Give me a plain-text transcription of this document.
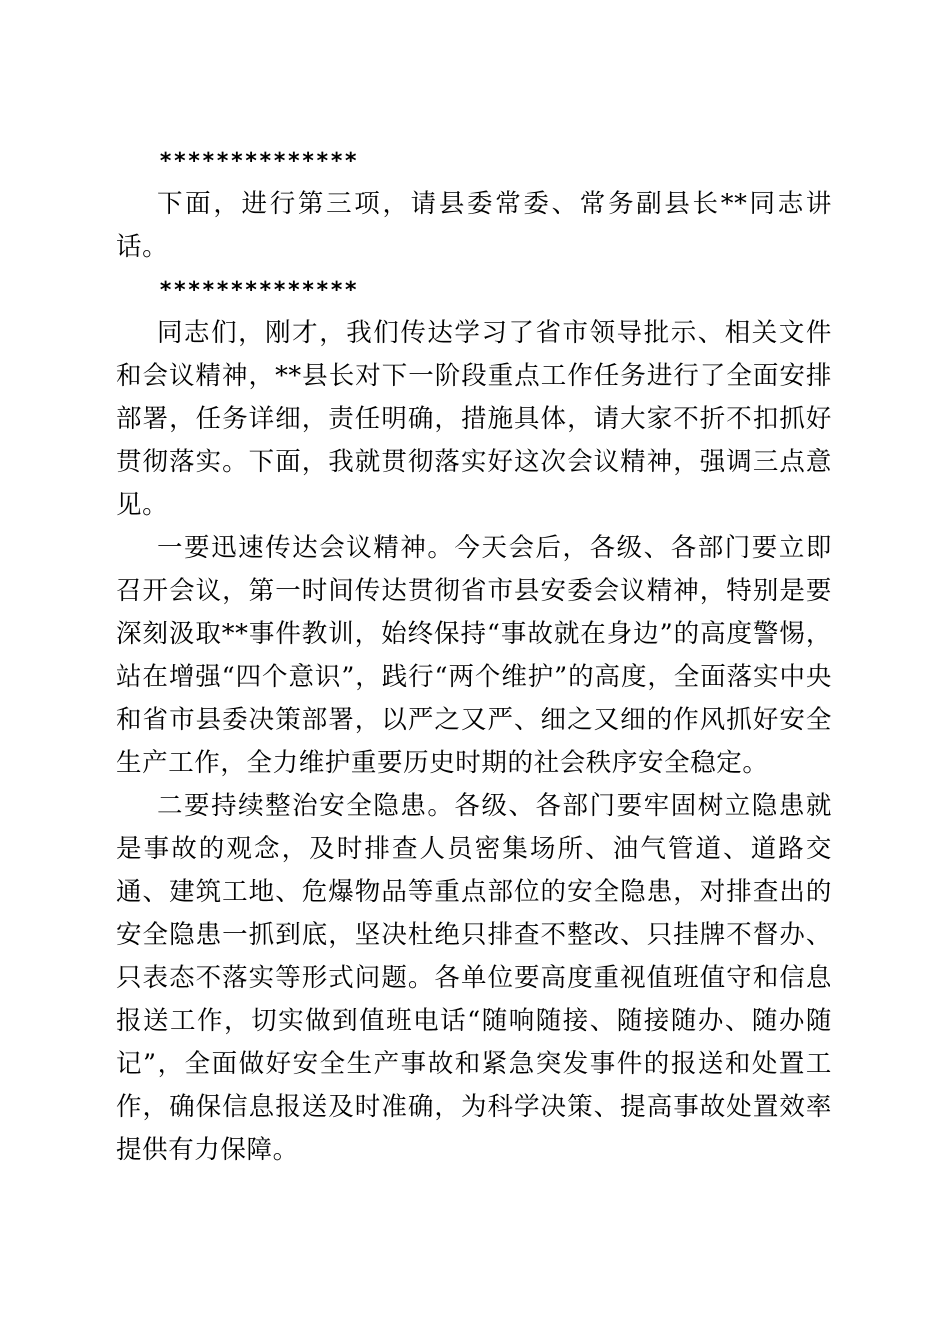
**************

下面，进行第三项，请县委常委、常务副县长**同志讲话。

**************

同志们，刚才，我们传达学习了省市领导批示、相关文件和会议精神，**县长对下一阶段重点工作任务进行了全面安排部署，任务详细，责任明确，措施具体，请大家不折不扣抓好贯彻落实。下面，我就贯彻落实好这次会议精神，强调三点意见。

一要迅速传达会议精神。今天会后，各级、各部门要立即召开会议，第一时间传达贯彻省市县安委会议精神，特别是要深刻汲取**事件教训，始终保持“事故就在身边”的高度警惕，站在增强“四个意识”，践行“两个维护”的高度，全面落实中央和省市县委决策部署，以严之又严、细之又细的作风抓好安全生产工作，全力维护重要历史时期的社会秩序安全稳定。

二要持续整治安全隐患。各级、各部门要牢固树立隐患就是事故的观念，及时排查人员密集场所、油气管道、道路交通、建筑工地、危爆物品等重点部位的安全隐患，对排查出的安全隐患一抓到底，坚决杜绝只排查不整改、只挂牌不督办、只表态不落实等形式问题。各单位要高度重视值班值守和信息报送工作，切实做到值班电话“随响随接、随接随办、随办随记”，全面做好安全生产事故和紧急突发事件的报送和处置工作，确保信息报送及时准确，为科学决策、提高事故处置效率提供有力保障。
